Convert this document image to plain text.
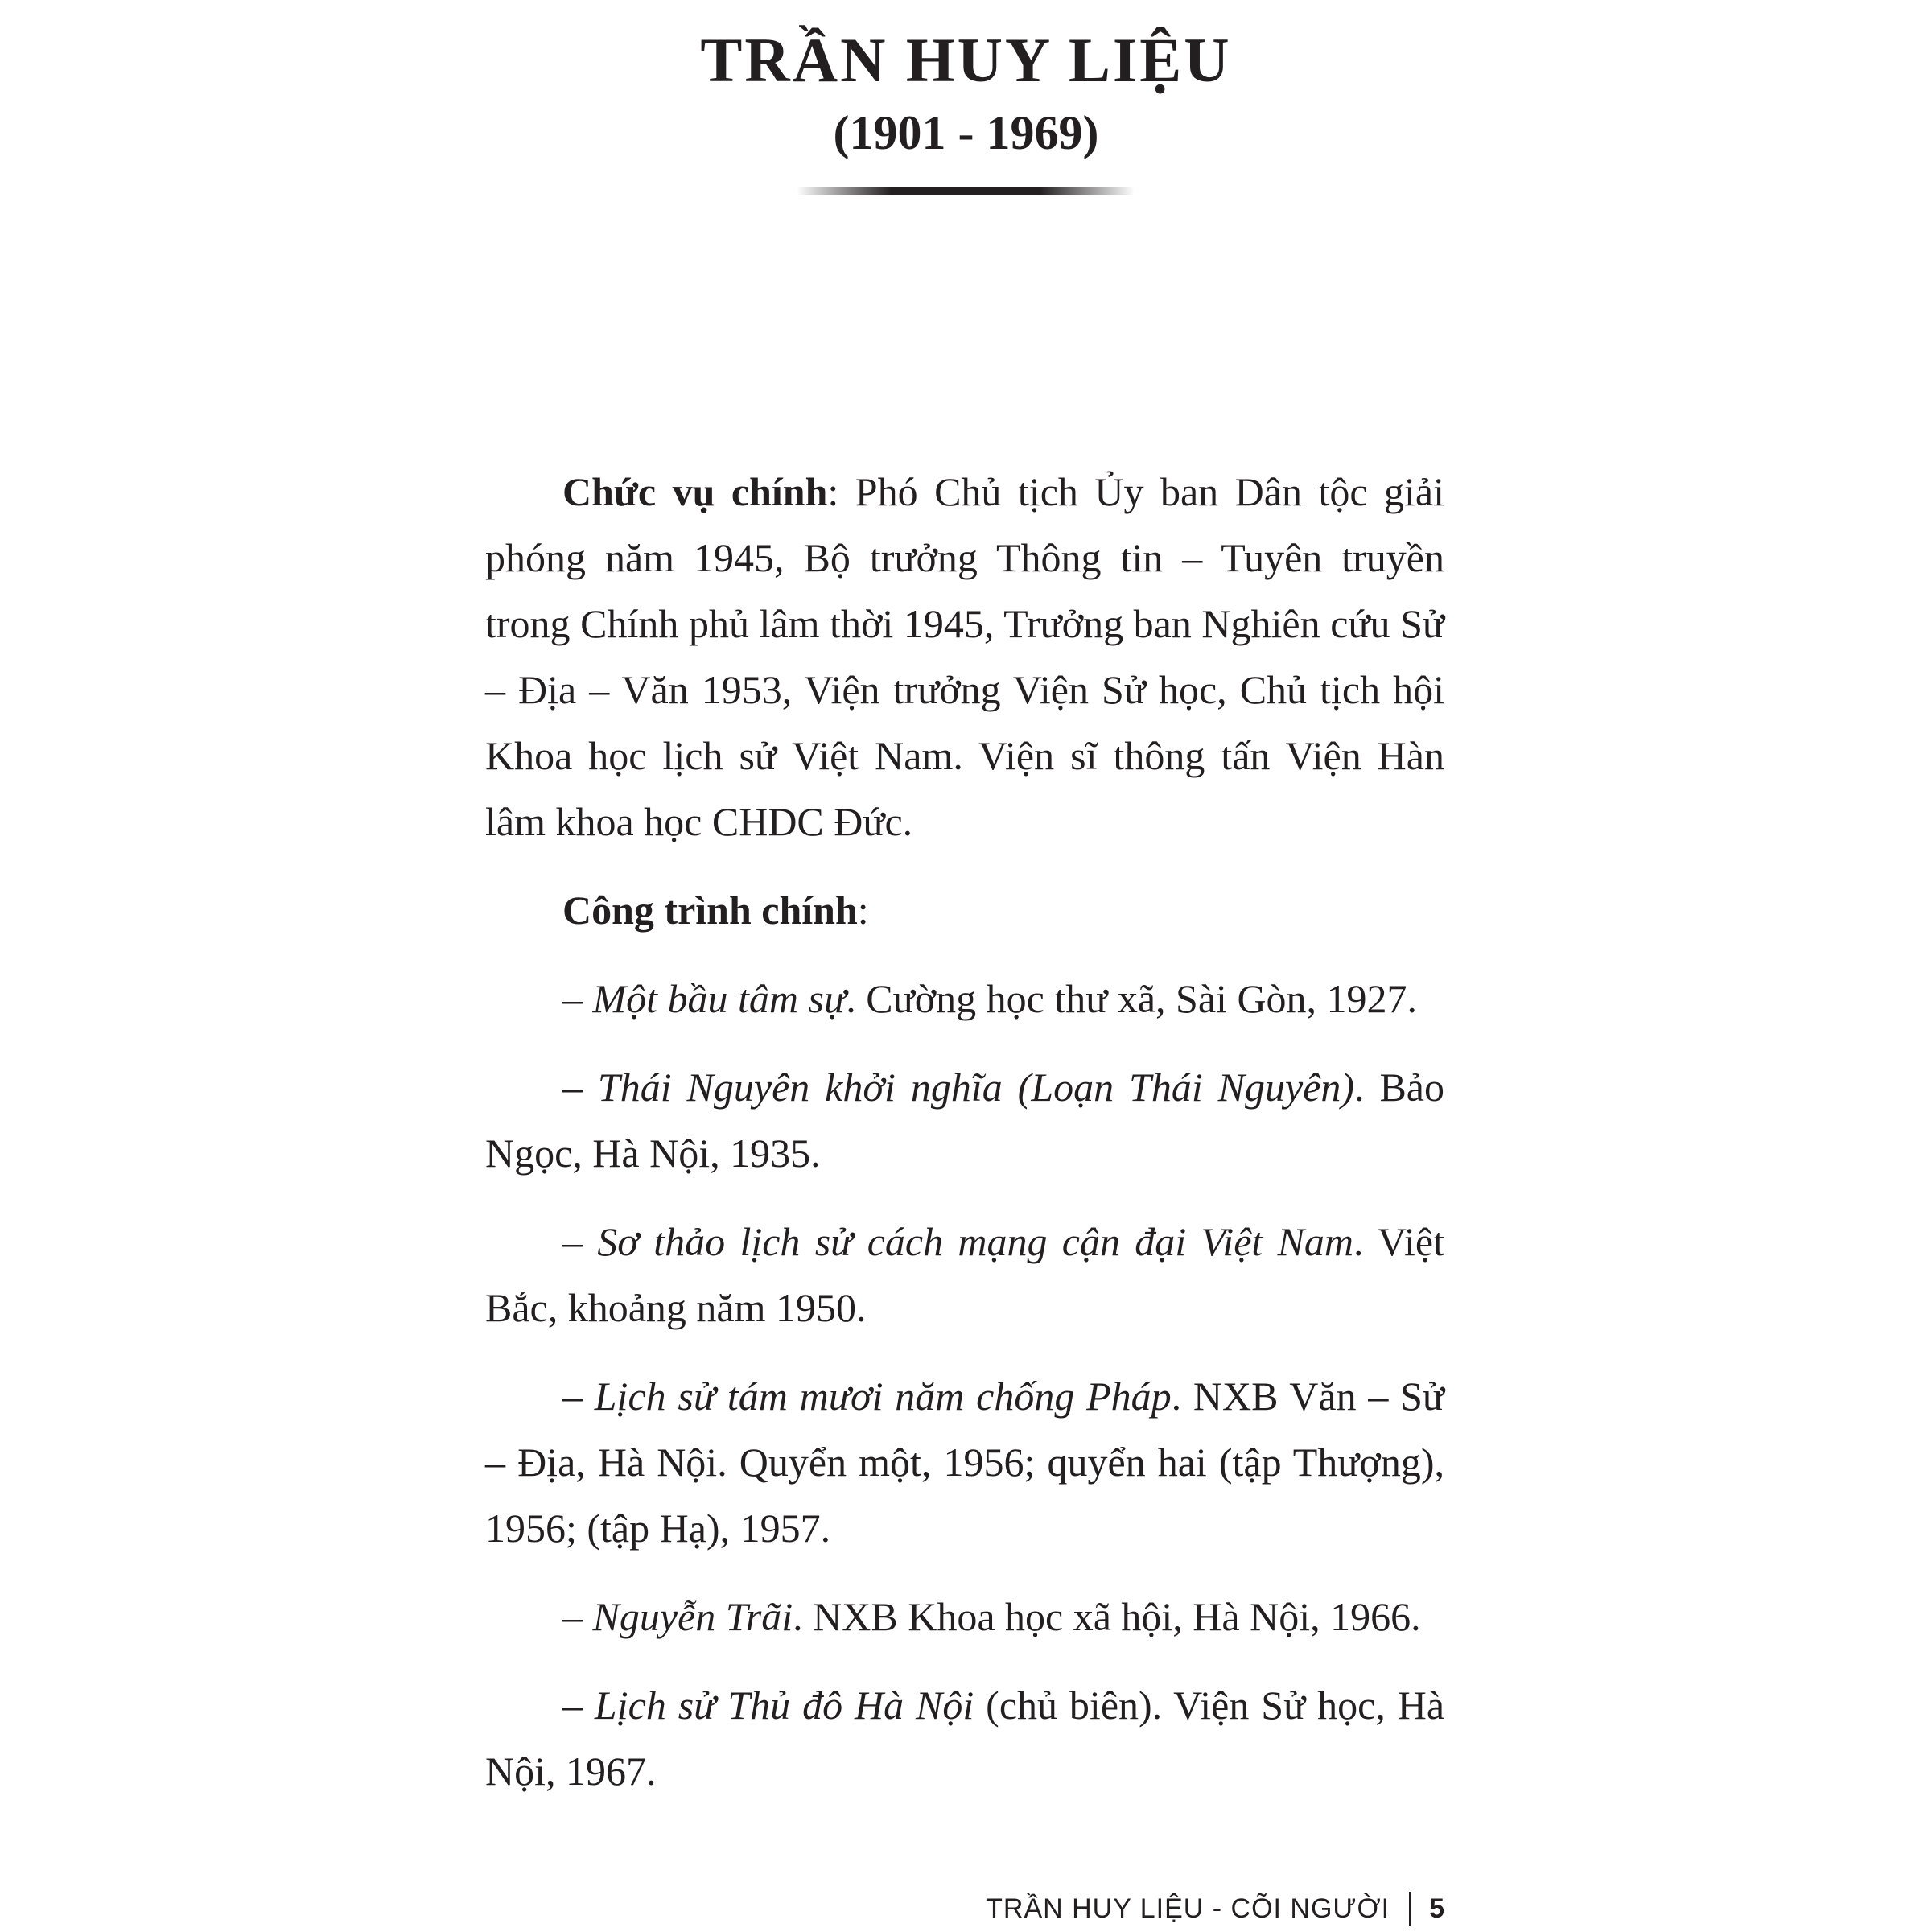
TRẦN HUY LIỆU
(1901 - 1969)

Chức vụ chính: Phó Chủ tịch Ủy ban Dân tộc giải phóng năm 1945, Bộ trưởng Thông tin – Tuyên truyền trong Chính phủ lâm thời 1945, Trưởng ban Nghiên cứu Sử – Địa – Văn 1953, Viện trưởng Viện Sử học, Chủ tịch hội Khoa học lịch sử Việt Nam. Viện sĩ thông tấn Viện Hàn lâm khoa học CHDC Đức.

Công trình chính:

– Một bầu tâm sự. Cường học thư xã, Sài Gòn, 1927.

– Thái Nguyên khởi nghĩa (Loạn Thái Nguyên). Bảo Ngọc, Hà Nội, 1935.

– Sơ thảo lịch sử cách mạng cận đại Việt Nam. Việt Bắc, khoảng năm 1950.

– Lịch sử tám mươi năm chống Pháp. NXB Văn – Sử – Địa, Hà Nội. Quyển một, 1956; quyển hai (tập Thượng), 1956; (tập Hạ), 1957.

– Nguyễn Trãi. NXB Khoa học xã hội, Hà Nội, 1966.

– Lịch sử Thủ đô Hà Nội (chủ biên). Viện Sử học, Hà Nội, 1967.

TRẦN HUY LIỆU - CÕI NGƯỜI 5
